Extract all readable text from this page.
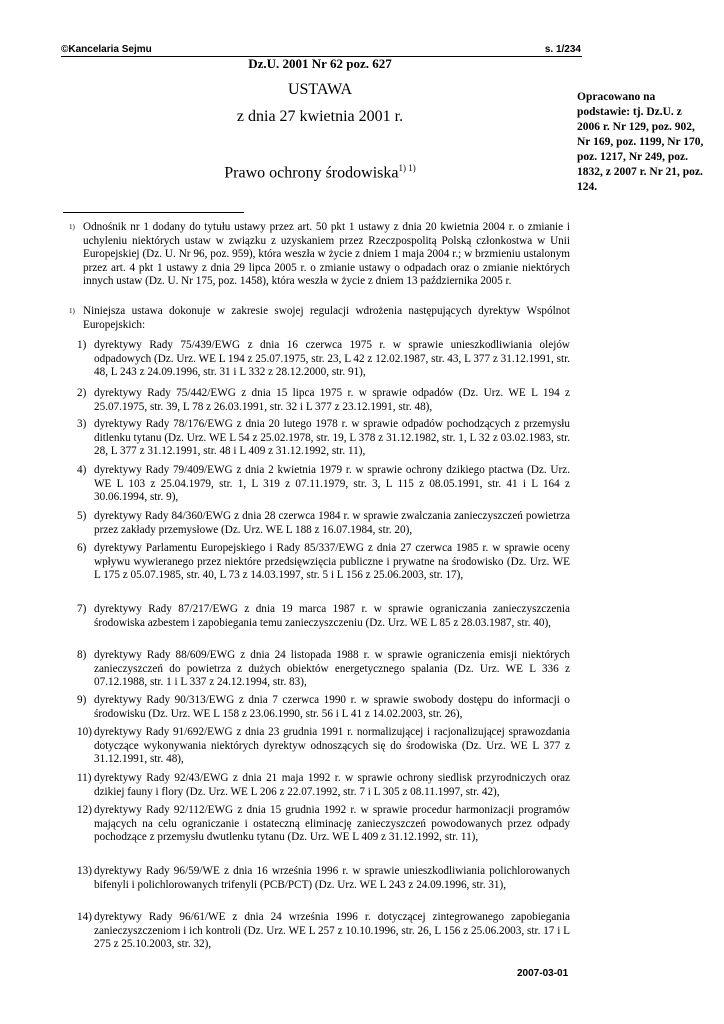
©Kancelaria Sejmu	s. 1/234
Dz.U. 2001 Nr 62 poz. 627
USTAWA
z dnia 27 kwietnia 2001 r.
Prawo ochrony środowiska$^{1) 1)}$
Opracowano na podstawie: tj. Dz.U. z 2006 r. Nr 129, poz. 902, Nr 169, poz. 1199, Nr 170, poz. 1217, Nr 249, poz. 1832, z 2007 r. Nr 21, poz. 124.
1) Odnośnik nr 1 dodany do tytułu ustawy przez art. 50 pkt 1 ustawy z dnia 20 kwietnia 2004 r. o zmianie i uchyleniu niektórych ustaw w związku z uzyskaniem przez Rzeczpospolitą Polską członkostwa w Unii Europejskiej (Dz. U. Nr 96, poz. 959), która weszła w życie z dniem 1 maja 2004 r.; w brzmieniu ustalonym przez art. 4 pkt 1 ustawy z dnia 29 lipca 2005 r. o zmianie ustawy o odpadach oraz o zmianie niektórych innych ustaw (Dz. U. Nr 175, poz. 1458), która weszła w życie z dniem 13 października 2005 r.
1) Niniejsza ustawa dokonuje w zakresie swojej regulacji wdrożenia następujących dyrektyw Wspólnot Europejskich:
1) dyrektywy Rady 75/439/EWG z dnia 16 czerwca 1975 r. w sprawie unieszkodliwiania olejów odpadowych (Dz. Urz. WE L 194 z 25.07.1975, str. 23, L 42 z 12.02.1987, str. 43, L 377 z 31.12.1991, str. 48, L 243 z 24.09.1996, str. 31 i L 332 z 28.12.2000, str. 91),
2) dyrektywy Rady 75/442/EWG z dnia 15 lipca 1975 r. w sprawie odpadów (Dz. Urz. WE L 194 z 25.07.1975, str. 39, L 78 z 26.03.1991, str. 32 i L 377 z 23.12.1991, str. 48),
3) dyrektywy Rady 78/176/EWG z dnia 20 lutego 1978 r. w sprawie odpadów pochodzących z przemysłu ditlenku tytanu (Dz. Urz. WE L 54 z 25.02.1978, str. 19, L 378 z 31.12.1982, str. 1, L 32 z 03.02.1983, str. 28, L 377 z 31.12.1991, str. 48 i L 409 z 31.12.1992, str. 11),
4) dyrektywy Rady 79/409/EWG z dnia 2 kwietnia 1979 r. w sprawie ochrony dzikiego ptactwa (Dz. Urz. WE L 103 z 25.04.1979, str. 1, L 319 z 07.11.1979, str. 3, L 115 z 08.05.1991, str. 41 i L 164 z 30.06.1994, str. 9),
5) dyrektywy Rady 84/360/EWG z dnia 28 czerwca 1984 r. w sprawie zwalczania zanieczyszczeń powietrza przez zakłady przemysłowe (Dz. Urz. WE L 188 z 16.07.1984, str. 20),
6) dyrektywy Parlamentu Europejskiego i Rady 85/337/EWG z dnia 27 czerwca 1985 r. w sprawie oceny wpływu wywieranego przez niektóre przedsięwzięcia publiczne i prywatne na środowisko (Dz. Urz. WE L 175 z 05.07.1985, str. 40, L 73 z 14.03.1997, str. 5 i L 156 z 25.06.2003, str. 17),
7) dyrektywy Rady 87/217/EWG z dnia 19 marca 1987 r. w sprawie ograniczania zanieczyszczenia środowiska azbestem i zapobiegania temu zanieczyszczeniu (Dz. Urz. WE L 85 z 28.03.1987, str. 40),
8) dyrektywy Rady 88/609/EWG z dnia 24 listopada 1988 r. w sprawie ograniczenia emisji niektórych zanieczyszczeń do powietrza z dużych obiektów energetycznego spalania (Dz. Urz. WE L 336 z 07.12.1988, str. 1 i L 337 z 24.12.1994, str. 83),
9) dyrektywy Rady 90/313/EWG z dnia 7 czerwca 1990 r. w sprawie swobody dostępu do informacji o środowisku (Dz. Urz. WE L 158 z 23.06.1990, str. 56 i L 41 z 14.02.2003, str. 26),
10) dyrektywy Rady 91/692/EWG z dnia 23 grudnia 1991 r. normalizującej i racjonalizującej sprawozdania dotyczące wykonywania niektórych dyrektyw odnoszących się do środowiska (Dz. Urz. WE L 377 z 31.12.1991, str. 48),
11) dyrektywy Rady 92/43/EWG z dnia 21 maja 1992 r. w sprawie ochrony siedlisk przyrodniczych oraz dzikiej fauny i flory (Dz. Urz. WE L 206 z 22.07.1992, str. 7 i L 305 z 08.11.1997, str. 42),
12) dyrektywy Rady 92/112/EWG z dnia 15 grudnia 1992 r. w sprawie procedur harmonizacji programów mających na celu ograniczanie i ostateczną eliminację zanieczyszczeń powodowanych przez odpady pochodzące z przemysłu dwutlenku tytanu (Dz. Urz. WE L 409 z 31.12.1992, str. 11),
13) dyrektywy Rady 96/59/WE z dnia 16 września 1996 r. w sprawie unieszkodliwiania polichlorowanych bifenyli i polichlorowanych trifenyli (PCB/PCT) (Dz. Urz. WE L 243 z 24.09.1996, str. 31),
14) dyrektywy Rady 96/61/WE z dnia 24 września 1996 r. dotyczącej zintegrowanego zapobiegania zanieczyszczeniom i ich kontroli (Dz. Urz. WE L 257 z 10.10.1996, str. 26, L 156 z 25.06.2003, str. 17 i L 275 z 25.10.2003, str. 32),
2007-03-01
